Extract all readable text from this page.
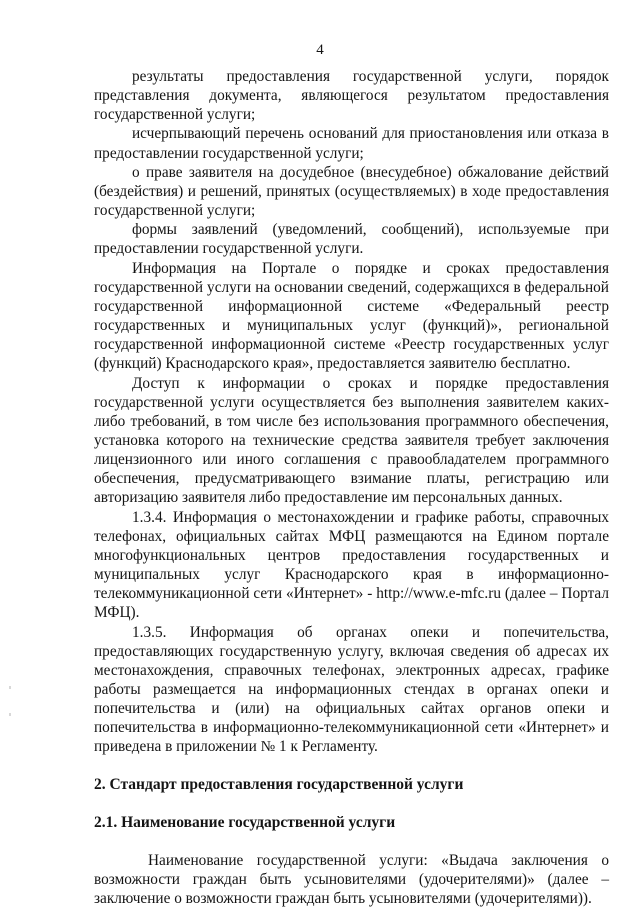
4

результаты предоставления государственной услуги, порядок представления документа, являющегося результатом предоставления государственной услуги;

исчерпывающий перечень оснований для приостановления или отказа в предоставлении государственной услуги;

о праве заявителя на досудебное (внесудебное) обжалование действий (бездействия) и решений, принятых (осуществляемых) в ходе предоставления государственной услуги;

формы заявлений (уведомлений, сообщений), используемые при предоставлении государственной услуги.

Информация на Портале о порядке и сроках предоставления государственной услуги на основании сведений, содержащихся в федеральной государственной информационной системе «Федеральный реестр государственных и муниципальных услуг (функций)», региональной государственной информационной системе «Реестр государственных услуг (функций) Краснодарского края», предоставляется заявителю бесплатно.

Доступ к информации о сроках и порядке предоставления государственной услуги осуществляется без выполнения заявителем каких-либо требований, в том числе без использования программного обеспечения, установка которого на технические средства заявителя требует заключения лицензионного или иного соглашения с правообладателем программного обеспечения, предусматривающего взимание платы, регистрацию или авторизацию заявителя либо предоставление им персональных данных.

1.3.4. Информация о местонахождении и графике работы, справочных телефонах, официальных сайтах МФЦ размещаются на Едином портале многофункциональных центров предоставления государственных и муниципальных услуг Краснодарского края в информационно-телекоммуникационной сети «Интернет» - http://www.e-mfc.ru (далее – Портал МФЦ).

1.3.5. Информация об органах опеки и попечительства, предоставляющих государственную услугу, включая сведения об адресах их местонахождения, справочных телефонах, электронных адресах, графике работы размещается на информационных стендах в органах опеки и попечительства и (или) на официальных сайтах органов опеки и попечительства в информационно-телекоммуникационной сети «Интернет» и приведена в приложении № 1 к Регламенту.

2. Стандарт предоставления государственной услуги

2.1. Наименование государственной услуги

Наименование государственной услуги: «Выдача заключения о возможности граждан быть усыновителями (удочерителями)» (далее – заключение о возможности граждан быть усыновителями (удочерителями)).
